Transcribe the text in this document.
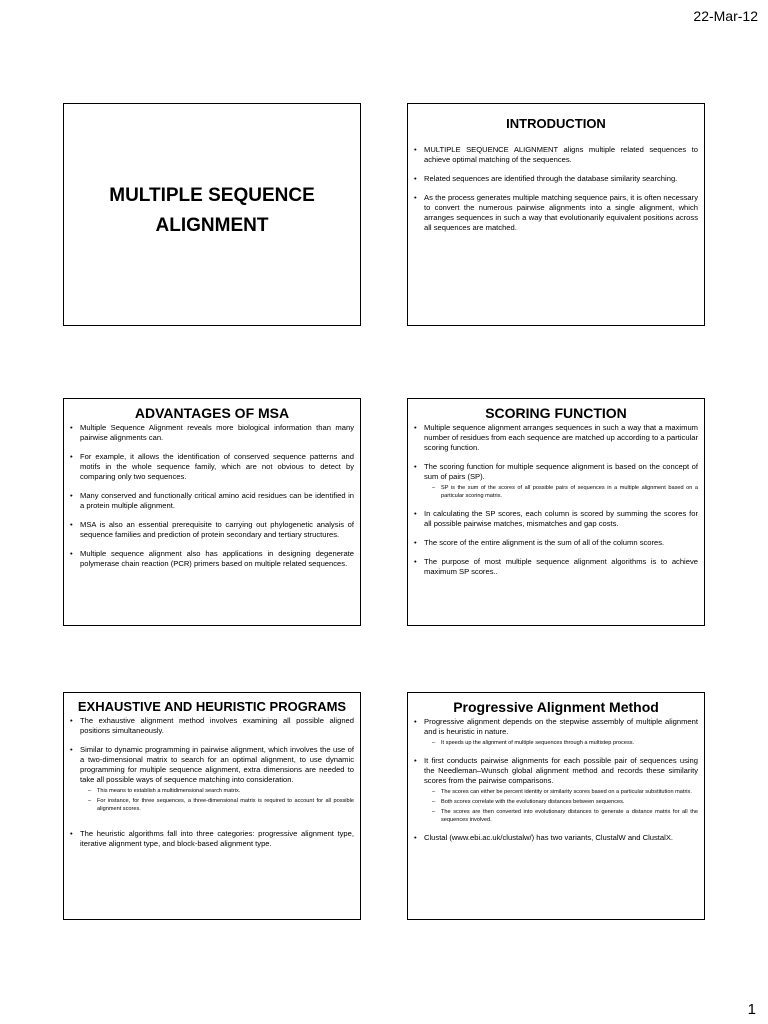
22-Mar-12
MULTIPLE SEQUENCE
ALIGNMENT
INTRODUCTION
• MULTIPLE SEQUENCE ALIGNMENT aligns multiple related sequences to achieve optimal matching of the sequences.
• Related sequences are identified through the database similarity searching.
• As the process generates multiple matching sequence pairs, it is often necessary to convert the numerous pairwise alignments into a single alignment, which arranges sequences in such a way that evolutionarily equivalent positions across all sequences are matched.
ADVANTAGES OF MSA
• Multiple Sequence Alignment reveals more biological information than many pairwise alignments can.
• For example, it allows the identification of conserved sequence patterns and motifs in the whole sequence family, which are not obvious to detect by comparing only two sequences.
• Many conserved and functionally critical amino acid residues can be identified in a protein multiple alignment.
• MSA is also an essential prerequisite to carrying out phylogenetic analysis of sequence families and prediction of protein secondary and tertiary structures.
• Multiple sequence alignment also has applications in designing degenerate polymerase chain reaction (PCR) primers based on multiple related sequences.
SCORING FUNCTION
• Multiple sequence alignment arranges sequences in such a way that a maximum number of residues from each sequence are matched up according to a particular scoring function.
• The scoring function for multiple sequence alignment is based on the concept of sum of pairs (SP).
– SP is the sum of the scores of all possible pairs of sequences in a multiple alignment based on a particular scoring matrix.
• In calculating the SP scores, each column is scored by summing the scores for all possible pairwise matches, mismatches and gap costs.
• The score of the entire alignment is the sum of all of the column scores.
• The purpose of most multiple sequence alignment algorithms is to achieve maximum SP scores..
EXHAUSTIVE AND HEURISTIC PROGRAMS
• The exhaustive alignment method involves examining all possible aligned positions simultaneously.
• Similar to dynamic programming in pairwise alignment, which involves the use of a two-dimensional matrix to search for an optimal alignment, to use dynamic programming for multiple sequence alignment, extra dimensions are needed to take all possible ways of sequence matching into consideration.
– This means to establish a multidimensional search matrix.
– For instance, for three sequences, a three-dimensional matrix is required to account for all possible alignment scores.
• The heuristic algorithms fall into three categories: progressive alignment type, iterative alignment type, and block-based alignment type.
Progressive Alignment Method
• Progressive alignment depends on the stepwise assembly of multiple alignment and is heuristic in nature.
– It speeds up the alignment of multiple sequences through a multistep process.
• It first conducts pairwise alignments for each possible pair of sequences using the Needleman–Wunsch global alignment method and records these similarity scores from the pairwise comparisons.
– The scores can either be percent identity or similarity scores based on a particular substitution matrix.
– Both scores correlate with the evolutionary distances between sequences.
– The scores are then converted into evolutionary distances to generate a distance matrix for all the sequences involved.
• Clustal (www.ebi.ac.uk/clustalw/) has two variants, ClustalW and ClustalX.
1
